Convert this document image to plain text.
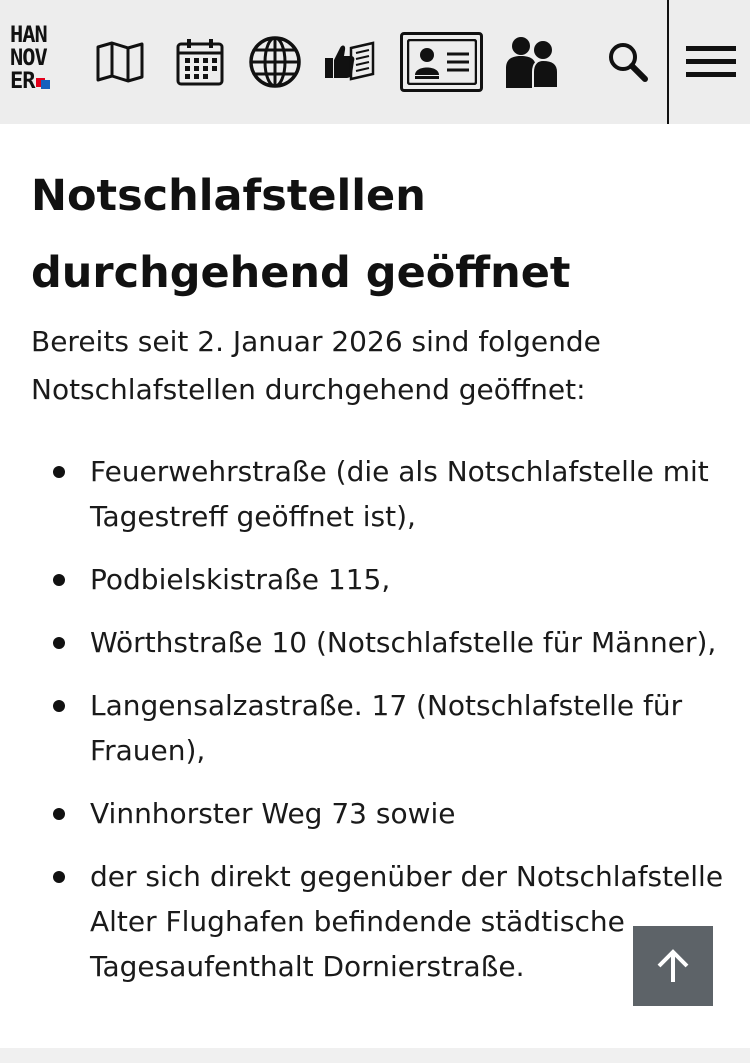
HAN
NOV
ER
Notschlafstellen durchgehend geöffnet

Bereits seit 2. Januar 2026 sind folgende Notschlafstellen durchgehend geöffnet:

Feuerwehrstraße (die als Notschlafstelle mit Tagestreff geöffnet ist),
Podbielskistraße 115,
Wörthstraße 10 (Notschlafstelle für Männer),
Langensalzastraße. 17 (Notschlafstelle für Frauen),
Vinnhorster Weg 73 sowie
der sich direkt gegenüber der Notschlafstelle Alter Flughafen befindende städtische Tagesaufenthalt Dornierstraße.
